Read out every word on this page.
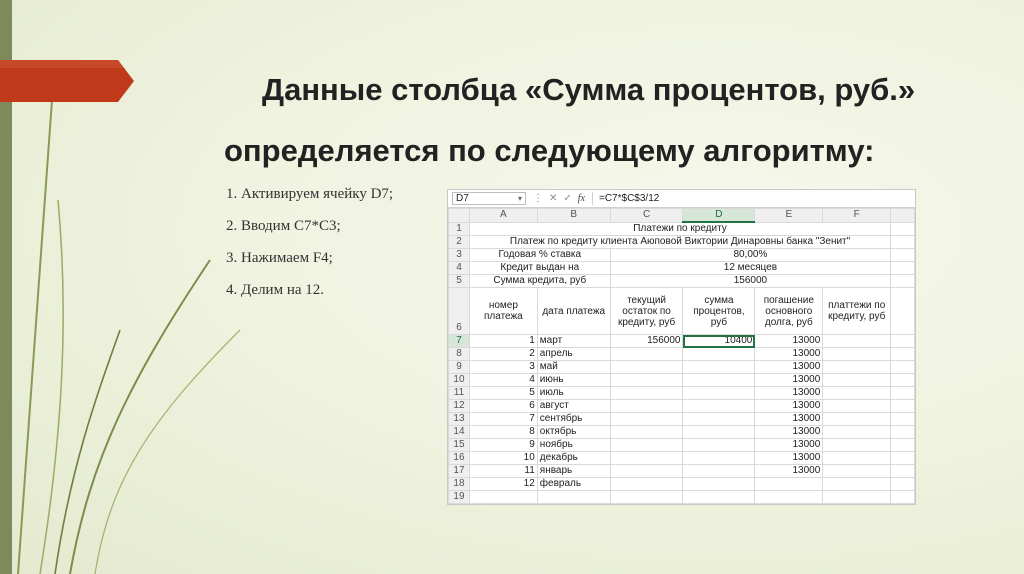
Данные столбца «Сумма процентов, руб.»
определяется по следующему алгоритму:
1. Активируем ячейку D7;
2. Вводим С7*С3;
3. Нажимаем F4;
4. Делим на 12.
D7	▾ ⋮ ✕ ✓ fx	=C7*$C$3/12
	A	B	C	D	E	F	
1	Платежи по кредиту						
2	Платеж по кредиту клиента Аюповой Виктории Динаровны банка "Зенит"						
3	Годовая % ставка		80,00%				
4	Кредит выдан на		12 месяцев				
5	Сумма кредита, руб		156000				
6	номер платежа	дата платежа	текущий остаток по кредиту, руб	сумма процентов, руб	погашение основного долга, руб	платтежи по кредиту, руб	
7	1	март	156000	10400	13000		
8	2	апрель			13000		
9	3	май			13000		
10	4	июнь			13000		
11	5	июль			13000		
12	6	август			13000		
13	7	сентябрь			13000		
14	8	октябрь			13000		
15	9	ноябрь			13000		
16	10	декабрь			13000		
17	11	январь			13000		
18	12	февраль					
19							
